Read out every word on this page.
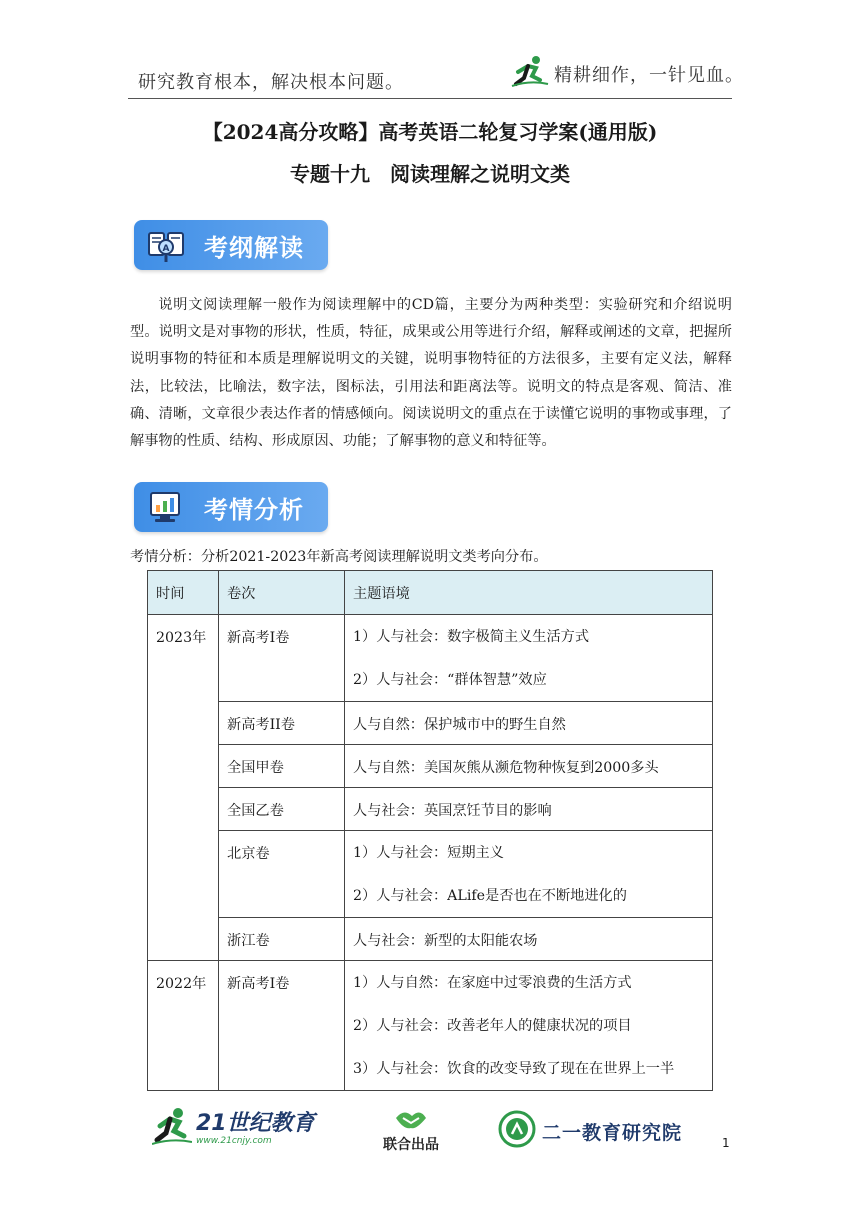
研究教育根本，解决根本问题。	精耕细作，一针见血。
【2024高分攻略】高考英语二轮复习学案(通用版)
专题十九　阅读理解之说明文类
A 考纲解读
说明文阅读理解一般作为阅读理解中的CD篇，主要分为两种类型：实验研究和介绍说明型。说明文是对事物的形状，性质，特征，成果或公用等进行介绍，解释或阐述的文章，把握所说明事物的特征和本质是理解说明文的关键，说明事物特征的方法很多，主要有定义法，解释法，比较法，比喻法，数字法，图标法，引用法和距离法等。说明文的特点是客观、简洁、准确、清晰，文章很少表达作者的情感倾向。阅读说明文的重点在于读懂它说明的事物或事理，了解事物的性质、结构、形成原因、功能；了解事物的意义和特征等。
考情分析
考情分析：分析2021-2023年新高考阅读理解说明文类考向分布。
时间	卷次	主题语境
2023年	新高考I卷	1）人与社会：数字极简主义生活方式
2）人与社会：“群体智慧”效应

	新高考II卷	人与自然：保护城市中的野生自然
	全国甲卷	人与自然：美国灰熊从濒危物种恢复到2000多头
	全国乙卷	人与社会：英国烹饪节目的影响
	北京卷	1）人与社会：短期主义
2）人与社会：ALife是否也在不断地进化的

	浙江卷	人与社会：新型的太阳能农场
2022年	新高考I卷	1）人与自然：在家庭中过零浪费的生活方式
2）人与社会：改善老年人的健康状况的项目
3）人与社会：饮食的改变导致了现在在世界上一半
21世纪教育
www.21cnjy.com	联合出品
二一教育研究院	1
